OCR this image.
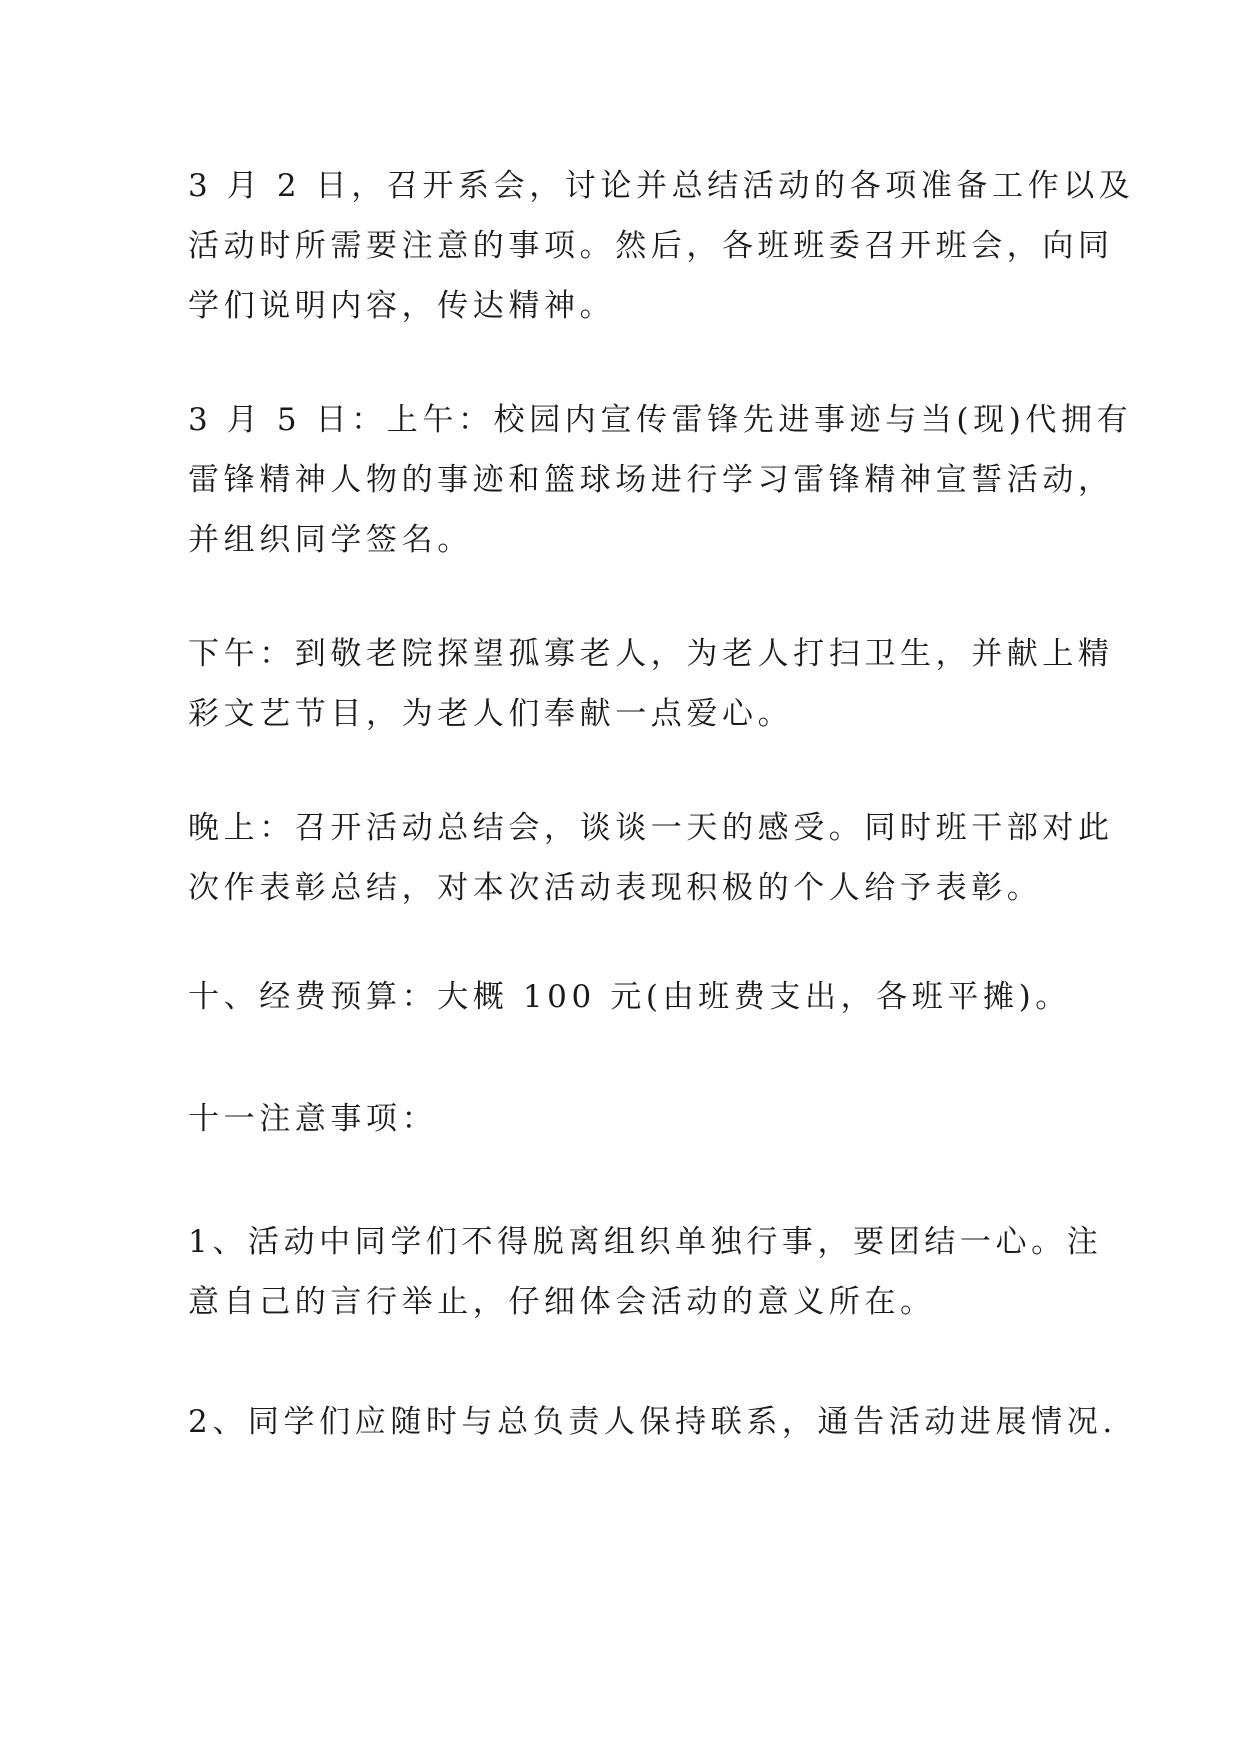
3 月 2 日，召开系会，讨论并总结活动的各项准备工作以及
活动时所需要注意的事项。然后，各班班委召开班会，向同
学们说明内容，传达精神。

3 月 5 日：上午：校园内宣传雷锋先进事迹与当(现)代拥有
雷锋精神人物的事迹和篮球场进行学习雷锋精神宣誓活动，
并组织同学签名。

下午：到敬老院探望孤寡老人，为老人打扫卫生，并献上精
彩文艺节目，为老人们奉献一点爱心。

晚上：召开活动总结会，谈谈一天的感受。同时班干部对此
次作表彰总结，对本次活动表现积极的个人给予表彰。

十、经费预算：大概 100 元(由班费支出，各班平摊)。

十一注意事项：

1、活动中同学们不得脱离组织单独行事，要团结一心。注
意自己的言行举止，仔细体会活动的意义所在。

2、同学们应随时与总负责人保持联系，通告活动进展情况.
